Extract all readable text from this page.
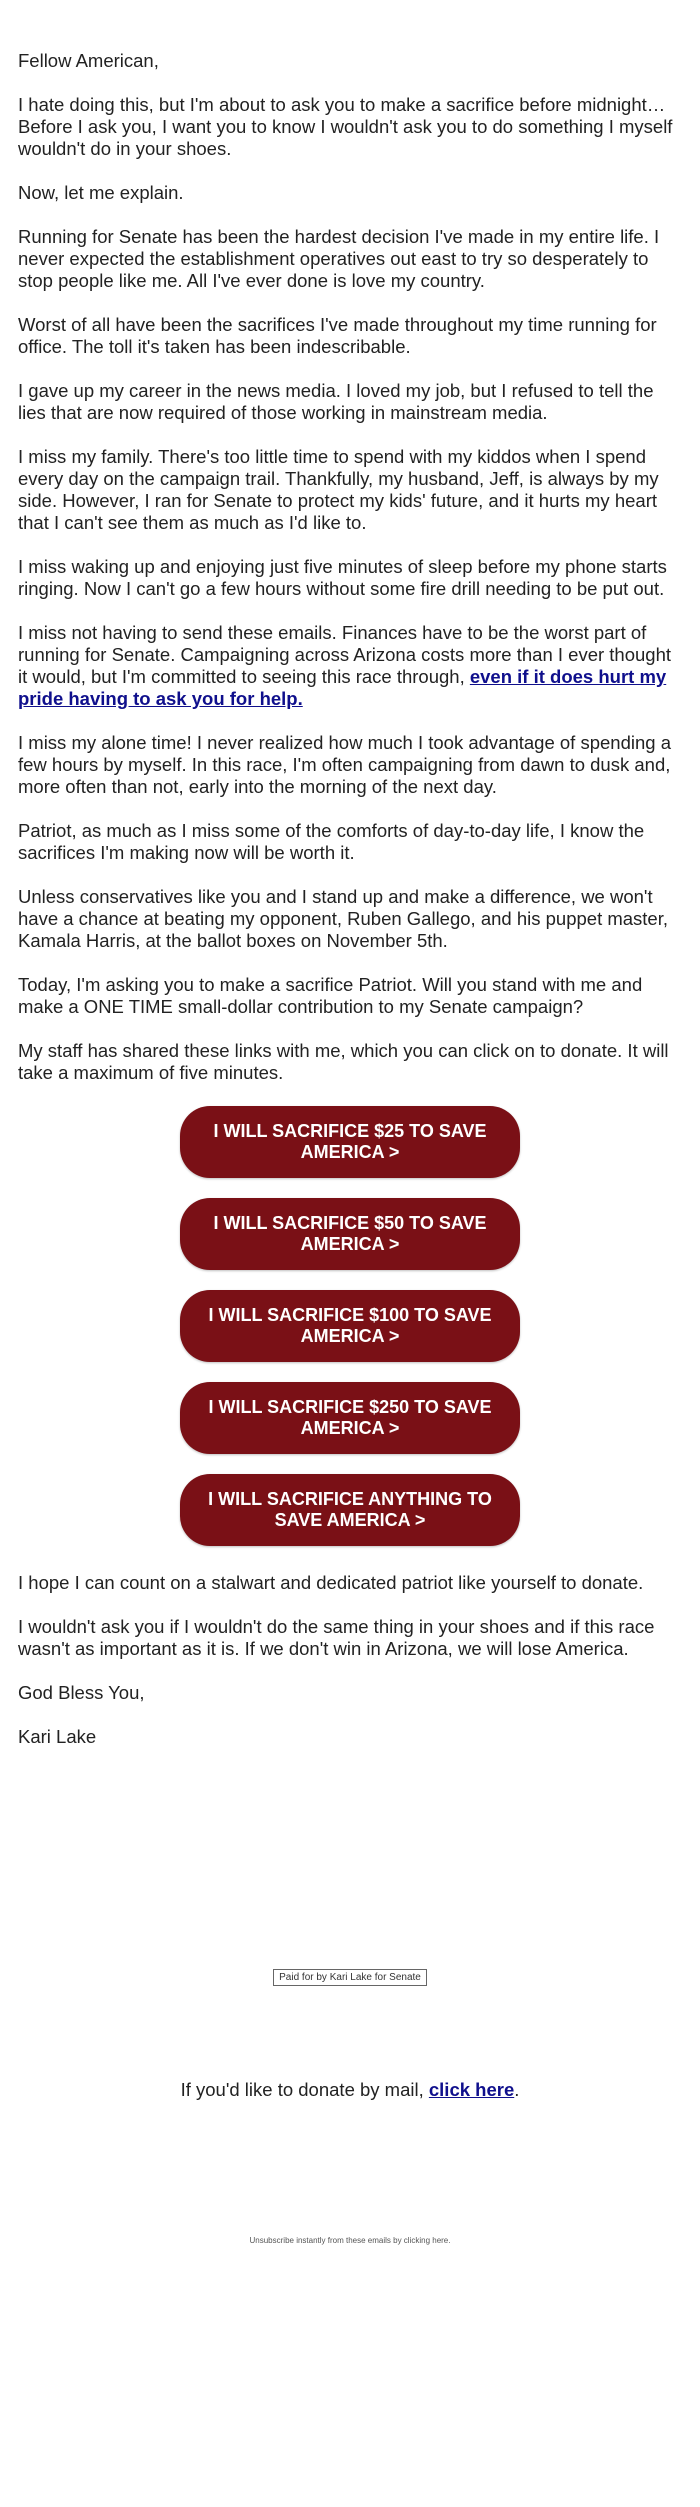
Fellow American,

I hate doing this, but I'm about to ask you to make a sacrifice before midnight… Before I ask you, I want you to know I wouldn't ask you to do something I myself wouldn't do in your shoes.

Now, let me explain.

Running for Senate has been the hardest decision I've made in my entire life. I never expected the establishment operatives out east to try so desperately to stop people like me. All I've ever done is love my country.

Worst of all have been the sacrifices I've made throughout my time running for office. The toll it's taken has been indescribable.

I gave up my career in the news media. I loved my job, but I refused to tell the lies that are now required of those working in mainstream media.

I miss my family. There's too little time to spend with my kiddos when I spend every day on the campaign trail. Thankfully, my husband, Jeff, is always by my side. However, I ran for Senate to protect my kids' future, and it hurts my heart that I can't see them as much as I'd like to.

I miss waking up and enjoying just five minutes of sleep before my phone starts ringing. Now I can't go a few hours without some fire drill needing to be put out.

I miss not having to send these emails. Finances have to be the worst part of running for Senate. Campaigning across Arizona costs more than I ever thought it would, but I'm committed to seeing this race through, even if it does hurt my pride having to ask you for help.

I miss my alone time! I never realized how much I took advantage of spending a few hours by myself. In this race, I'm often campaigning from dawn to dusk and, more often than not, early into the morning of the next day.

Patriot, as much as I miss some of the comforts of day-to-day life, I know the sacrifices I'm making now will be worth it.

Unless conservatives like you and I stand up and make a difference, we won't have a chance at beating my opponent, Ruben Gallego, and his puppet master, Kamala Harris, at the ballot boxes on November 5th.

Today, I'm asking you to make a sacrifice Patriot. Will you stand with me and make a ONE TIME small-dollar contribution to my Senate campaign?

My staff has shared these links with me, which you can click on to donate. It will take a maximum of five minutes.

I WILL SACRIFICE $25 TO SAVE AMERICA >
I WILL SACRIFICE $50 TO SAVE AMERICA >
I WILL SACRIFICE $100 TO SAVE AMERICA >
I WILL SACRIFICE $250 TO SAVE AMERICA >
I WILL SACRIFICE ANYTHING TO SAVE AMERICA >

I hope I can count on a stalwart and dedicated patriot like yourself to donate.

I wouldn't ask you if I wouldn't do the same thing in your shoes and if this race wasn't as important as it is. If we don't win in Arizona, we will lose America.

God Bless You,

Kari Lake

Paid for by Kari Lake for Senate
If you'd like to donate by mail, click here.
Unsubscribe instantly from these emails by clicking here.
